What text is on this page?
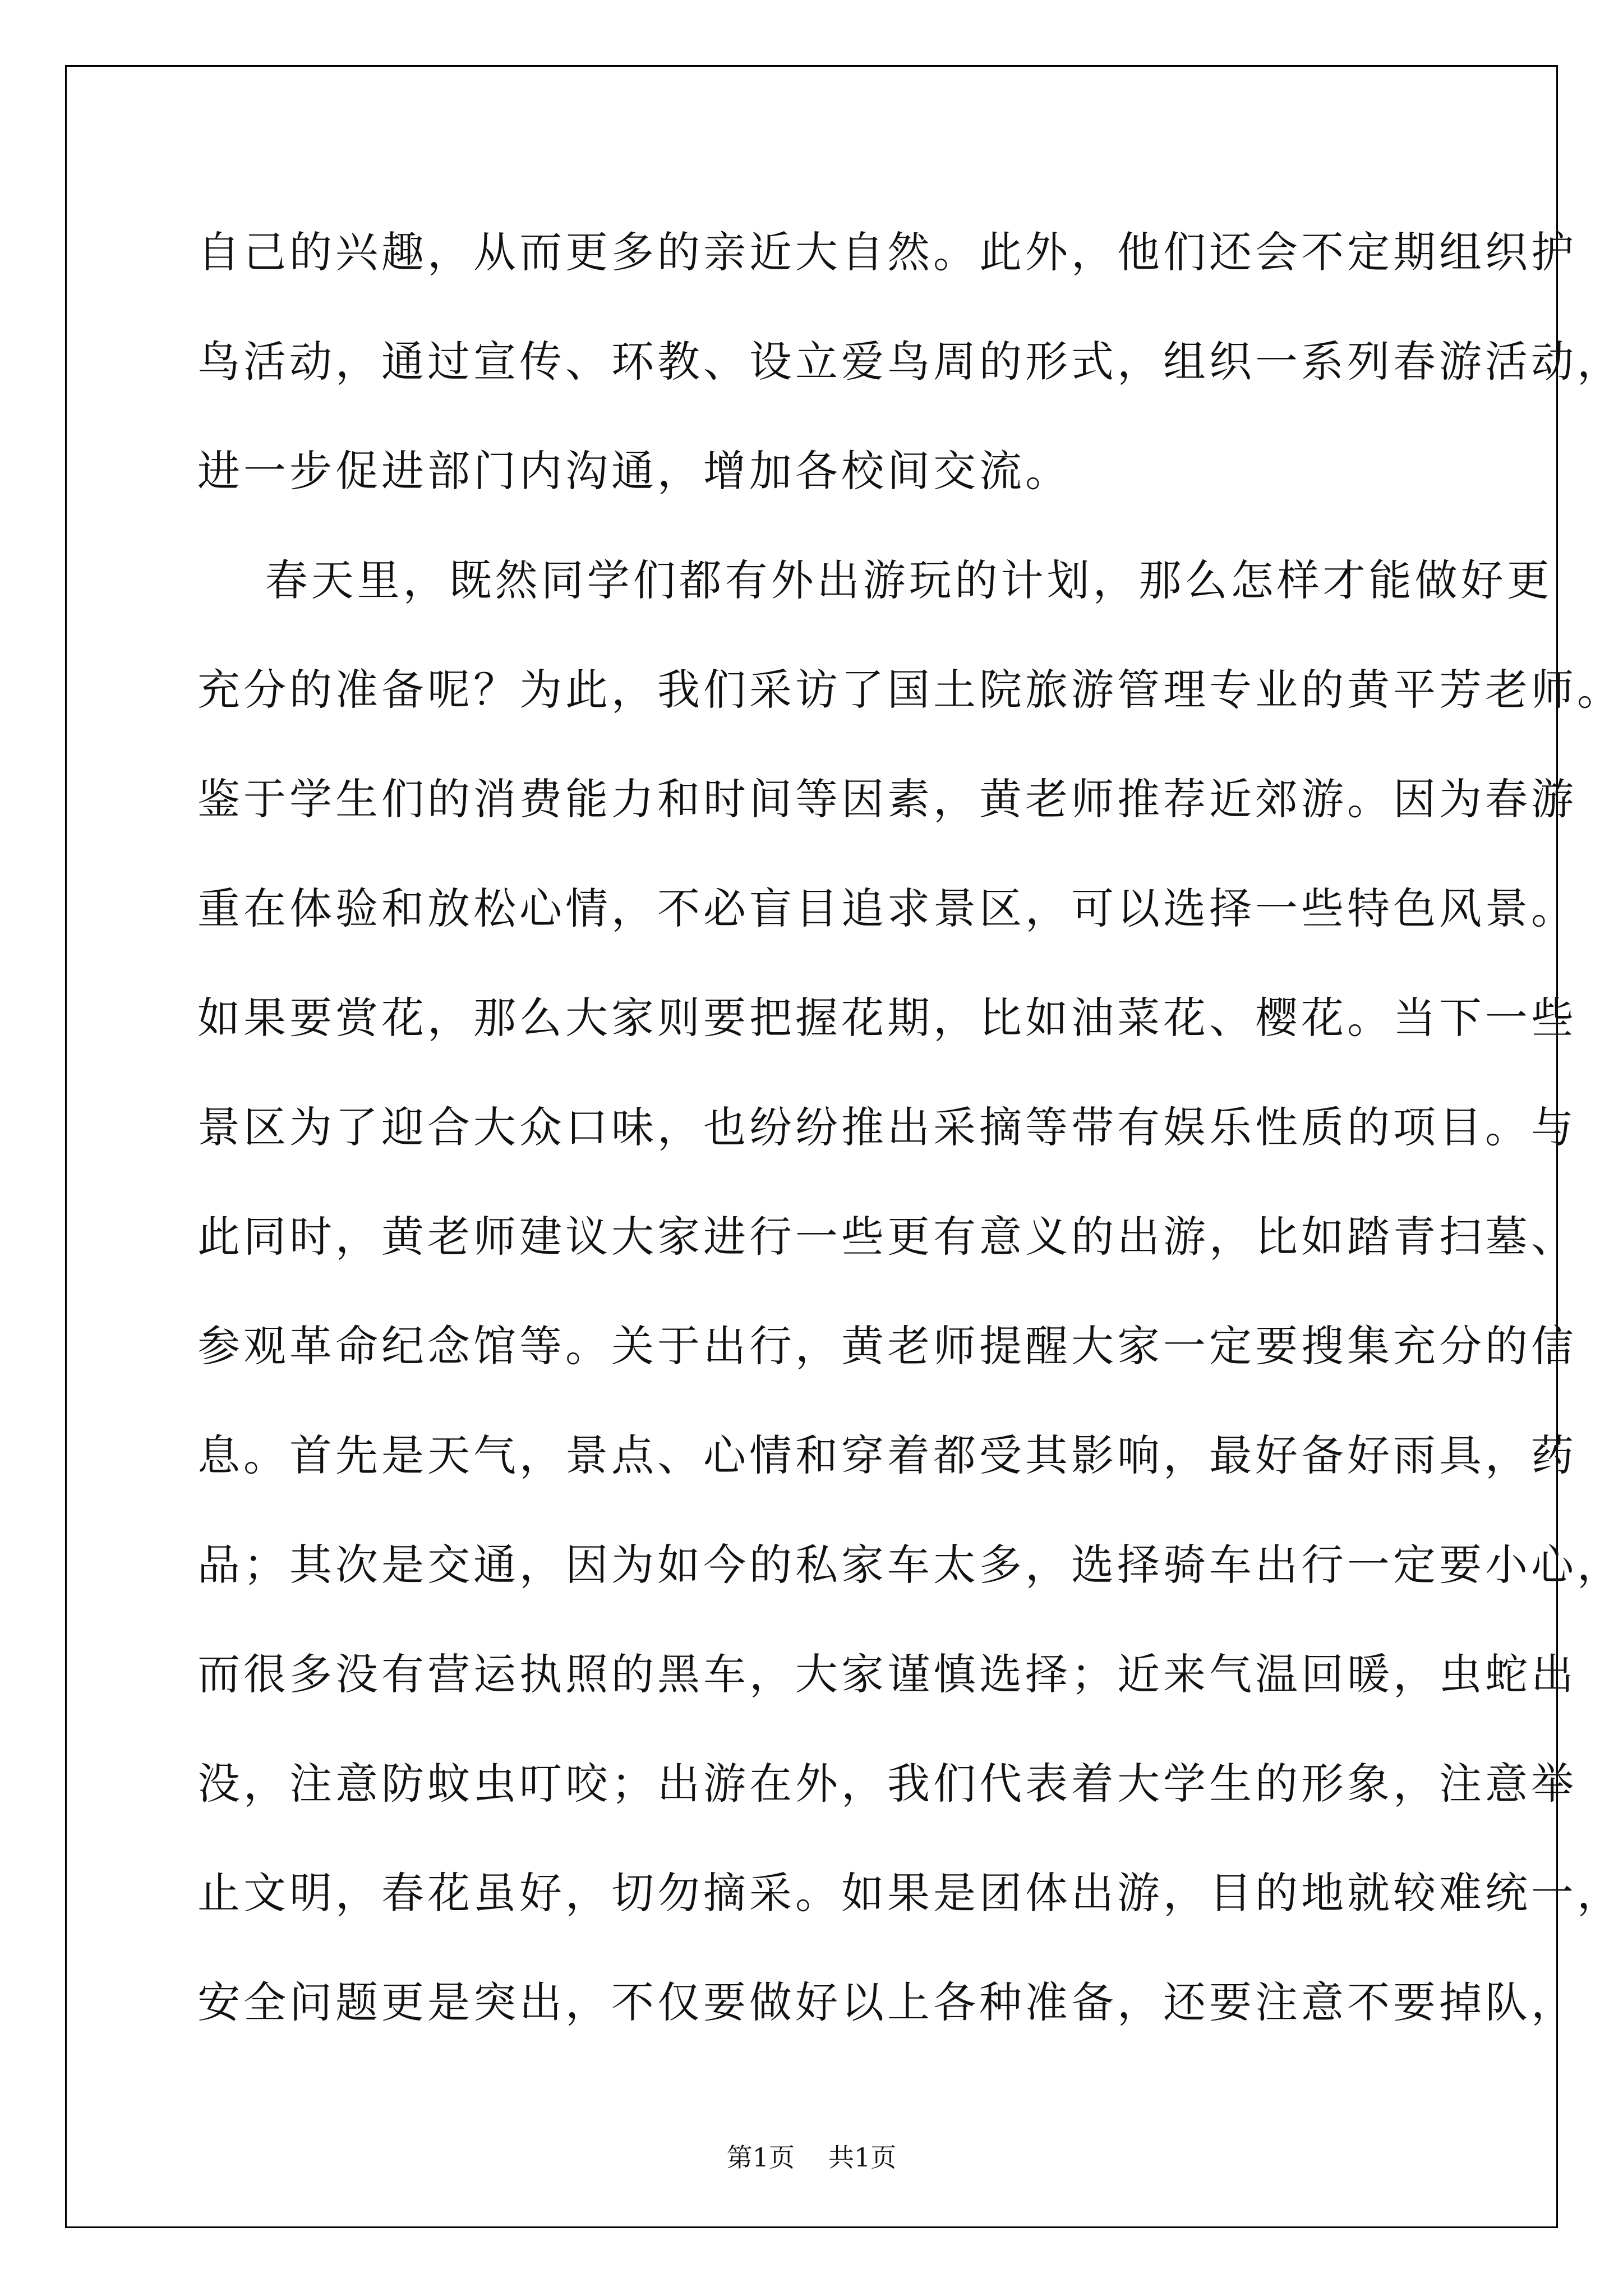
自己的兴趣，从而更多的亲近大自然。此外，他们还会不定期组织护
鸟活动，通过宣传、环教、设立爱鸟周的形式，组织一系列春游活动，
进一步促进部门内沟通，增加各校间交流。
春天里，既然同学们都有外出游玩的计划，那么怎样才能做好更
充分的准备呢？为此，我们采访了国土院旅游管理专业的黄平芳老师。
鉴于学生们的消费能力和时间等因素，黄老师推荐近郊游。因为春游
重在体验和放松心情，不必盲目追求景区，可以选择一些特色风景。
如果要赏花，那么大家则要把握花期，比如油菜花、樱花。当下一些
景区为了迎合大众口味，也纷纷推出采摘等带有娱乐性质的项目。与
此同时，黄老师建议大家进行一些更有意义的出游，比如踏青扫墓、
参观革命纪念馆等。关于出行，黄老师提醒大家一定要搜集充分的信
息。首先是天气，景点、心情和穿着都受其影响，最好备好雨具，药
品；其次是交通，因为如今的私家车太多，选择骑车出行一定要小心，
而很多没有营运执照的黑车，大家谨慎选择；近来气温回暖，虫蛇出
没，注意防蚊虫叮咬；出游在外，我们代表着大学生的形象，注意举
止文明，春花虽好，切勿摘采。如果是团体出游，目的地就较难统一，
安全问题更是突出，不仅要做好以上各种准备，还要注意不要掉队，
第1页 共1页
